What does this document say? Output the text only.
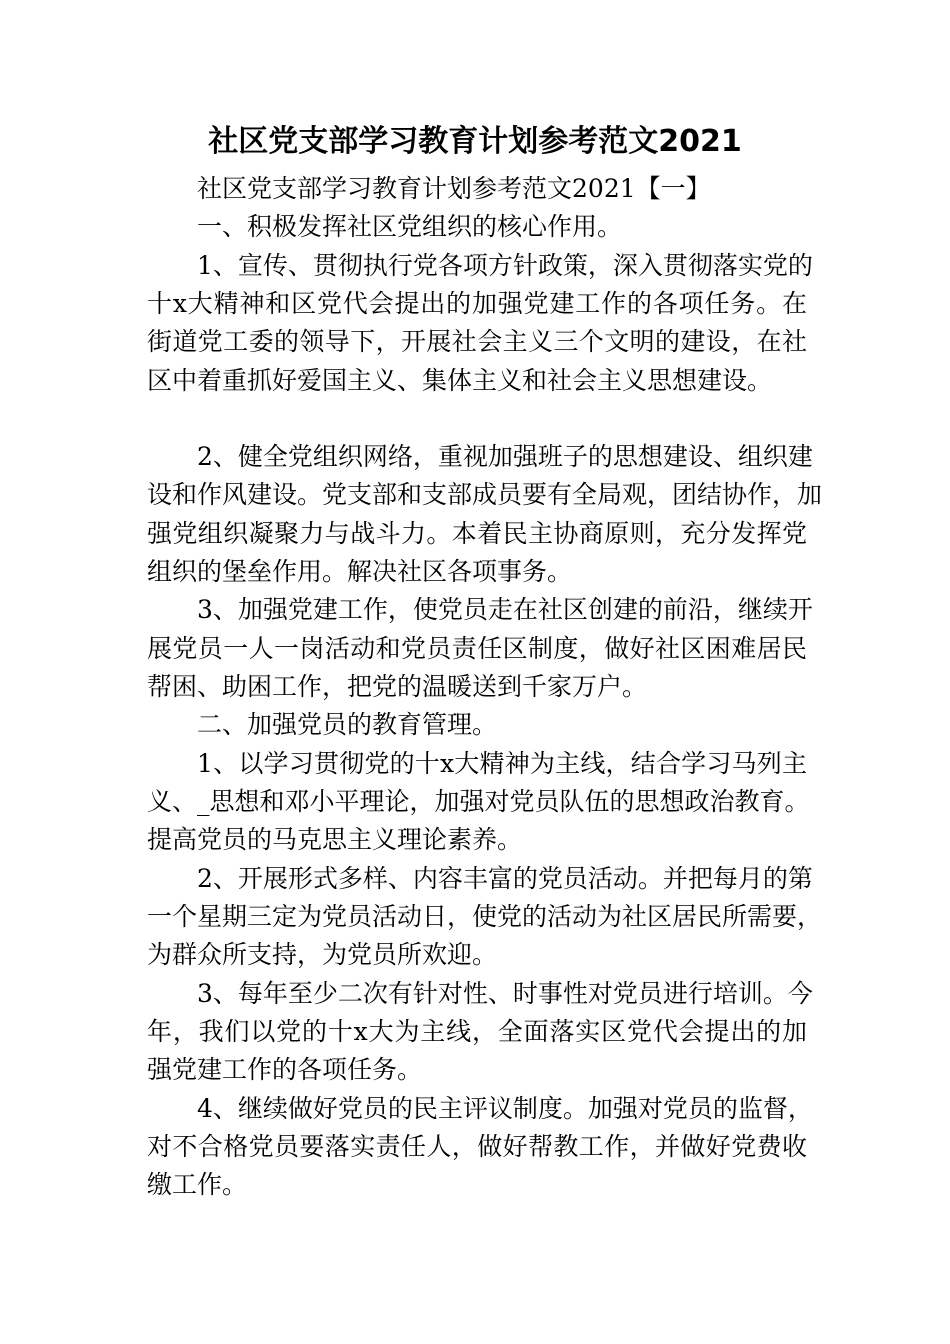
社区党支部学习教育计划参考范文2021

社区党支部学习教育计划参考范文2021【一】

一、积极发挥社区党组织的核心作用。

1、宣传、贯彻执行党各项方针政策，深入贯彻落实党的

十x大精神和区党代会提出的加强党建工作的各项任务。在

街道党工委的领导下，开展社会主义三个文明的建设，在社

区中着重抓好爱国主义、集体主义和社会主义思想建设。

2、健全党组织网络，重视加强班子的思想建设、组织建

设和作风建设。党支部和支部成员要有全局观，团结协作，加

强党组织凝聚力与战斗力。本着民主协商原则，充分发挥党

组织的堡垒作用。解决社区各项事务。

3、加强党建工作，使党员走在社区创建的前沿，继续开

展党员一人一岗活动和党员责任区制度，做好社区困难居民

帮困、助困工作，把党的温暖送到千家万户。

二、加强党员的教育管理。

1、以学习贯彻党的十x大精神为主线，结合学习马列主

义、_思想和邓小平理论，加强对党员队伍的思想政治教育。

提高党员的马克思主义理论素养。

2、开展形式多样、内容丰富的党员活动。并把每月的第

一个星期三定为党员活动日，使党的活动为社区居民所需要，

为群众所支持，为党员所欢迎。

3、每年至少二次有针对性、时事性对党员进行培训。今

年，我们以党的十x大为主线，全面落实区党代会提出的加

强党建工作的各项任务。

4、继续做好党员的民主评议制度。加强对党员的监督，

对不合格党员要落实责任人，做好帮教工作，并做好党费收

缴工作。
